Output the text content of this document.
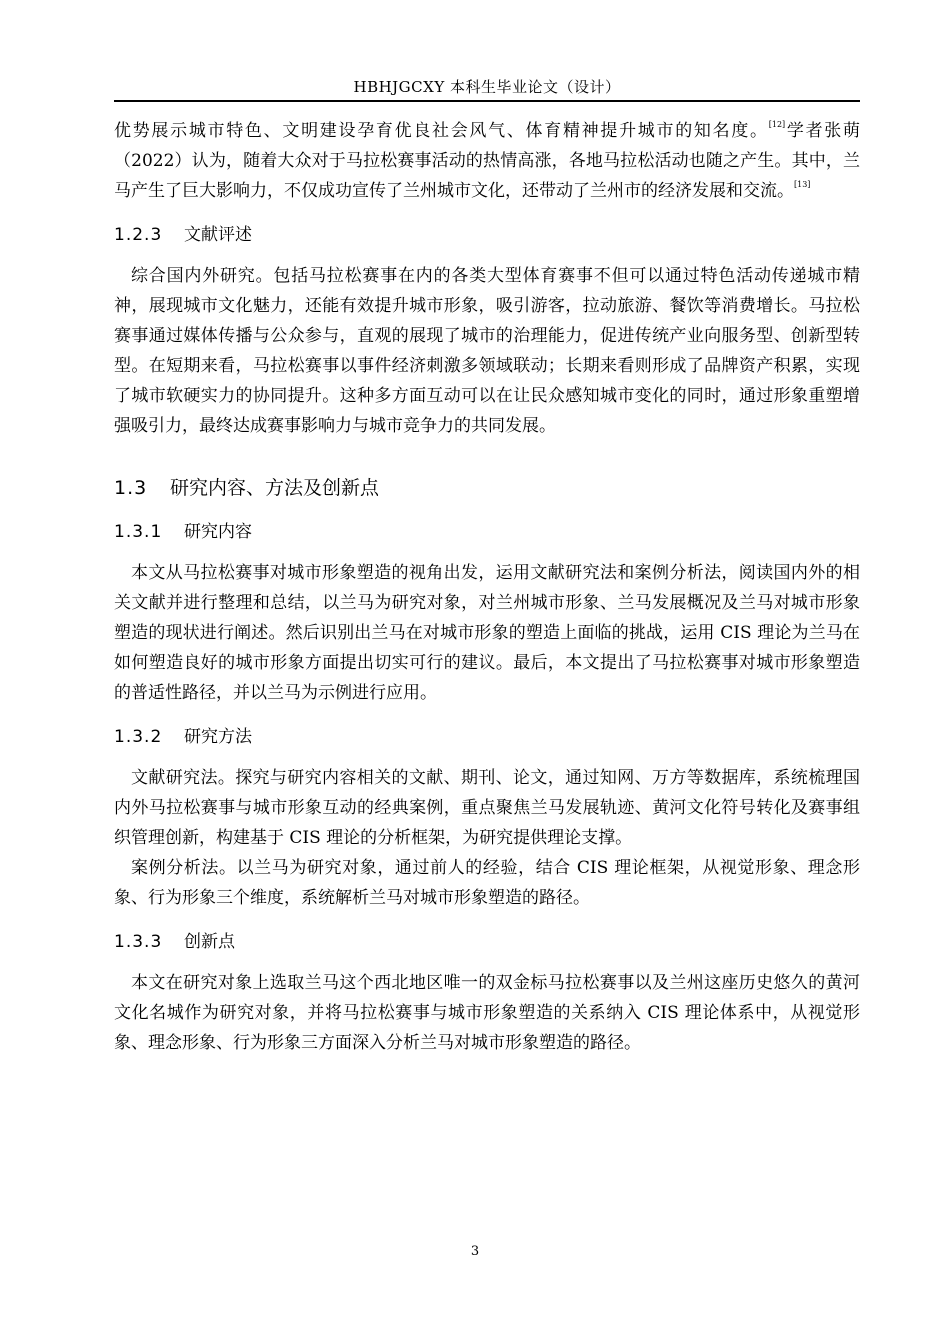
HBHJGCXY 本科生毕业论文（设计）

优势展示城市特色、文明建设孕育优良社会风气、体育精神提升城市的知名度。[12]学者张萌（2022）认为，随着大众对于马拉松赛事活动的热情高涨，各地马拉松活动也随之产生。其中，兰马产生了巨大影响力，不仅成功宣传了兰州城市文化，还带动了兰州市的经济发展和交流。[13]

1.2.3 文献评述

综合国内外研究。包括马拉松赛事在内的各类大型体育赛事不但可以通过特色活动传递城市精神，展现城市文化魅力，还能有效提升城市形象，吸引游客，拉动旅游、餐饮等消费增长。马拉松赛事通过媒体传播与公众参与，直观的展现了城市的治理能力，促进传统产业向服务型、创新型转型。在短期来看，马拉松赛事以事件经济刺激多领域联动；长期来看则形成了品牌资产积累，实现了城市软硬实力的协同提升。这种多方面互动可以在让民众感知城市变化的同时，通过形象重塑增强吸引力，最终达成赛事影响力与城市竞争力的共同发展。

1.3 研究内容、方法及创新点
1.3.1 研究内容

本文从马拉松赛事对城市形象塑造的视角出发，运用文献研究法和案例分析法，阅读国内外的相关文献并进行整理和总结，以兰马为研究对象，对兰州城市形象、兰马发展概况及兰马对城市形象塑造的现状进行阐述。然后识别出兰马在对城市形象的塑造上面临的挑战，运用 CIS 理论为兰马在如何塑造良好的城市形象方面提出切实可行的建议。最后，本文提出了马拉松赛事对城市形象塑造的普适性路径，并以兰马为示例进行应用。

1.3.2 研究方法

文献研究法。探究与研究内容相关的文献、期刊、论文，通过知网、万方等数据库，系统梳理国内外马拉松赛事与城市形象互动的经典案例，重点聚焦兰马发展轨迹、黄河文化符号转化及赛事组织管理创新，构建基于 CIS 理论的分析框架，为研究提供理论支撑。

案例分析法。以兰马为研究对象，通过前人的经验，结合 CIS 理论框架，从视觉形象、理念形象、行为形象三个维度，系统解析兰马对城市形象塑造的路径。

1.3.3 创新点

本文在研究对象上选取兰马这个西北地区唯一的双金标马拉松赛事以及兰州这座历史悠久的黄河文化名城作为研究对象，并将马拉松赛事与城市形象塑造的关系纳入 CIS 理论体系中，从视觉形象、理念形象、行为形象三方面深入分析兰马对城市形象塑造的路径。

3
